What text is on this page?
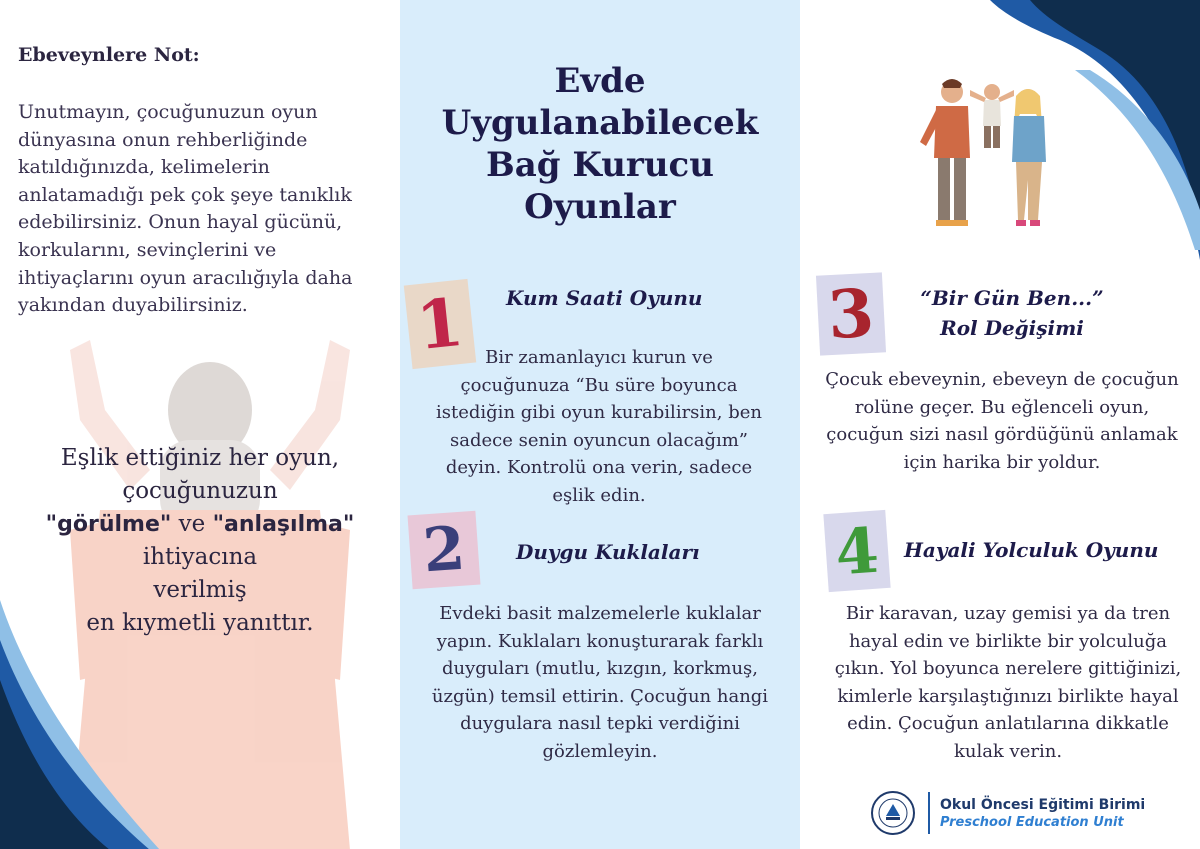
Ebeveynlere Not:

Unutmayın, çocuğunuzun oyun dünyasına onun rehberliğinde katıldığınızda, kelimelerin anlatamadığı pek çok şeye tanıklık edebilirsiniz. Onun hayal gücünü, korkularını, sevinçlerini ve ihtiyaçlarını oyun aracılığıyla daha yakından duyabilirsiniz.

Eşlik ettiğiniz her oyun,
çocuğunuzun
"görülme" ve "anlaşılma"
ihtiyacına
verilmiş
en kıymetli yanıttır.
Evde
Uygulanabilecek
Bağ Kurucu
Oyunlar
1 Kum Saati Oyunu

Bir zamanlayıcı kurun ve çocuğunuza “Bu süre boyunca istediğin gibi oyun kurabilirsin, ben sadece senin oyuncun olacağım” deyin. Kontrolü ona verin, sadece eşlik edin.

2 Duygu Kuklaları

Evdeki basit malzemelerle kuklalar yapın. Kuklaları konuşturarak farklı duyguları (mutlu, kızgın, korkmuş, üzgün) temsil ettirin. Çocuğun hangi duygulara nasıl tepki verdiğini gözlemleyin.

3	“Bir Gün Ben...”
Rol Değişimi

Çocuk ebeveynin, ebeveyn de çocuğun rolüne geçer. Bu eğlenceli oyun, çocuğun sizi nasıl gördüğünü anlamak için harika bir yoldur.

4 Hayali Yolculuk Oyunu

Bir karavan, uzay gemisi ya da tren hayal edin ve birlikte bir yolculuğa çıkın. Yol boyunca nerelere gittiğinizi, kimlerle karşılaştığınızı birlikte hayal edin. Çocuğun anlatılarına dikkatle kulak verin.

Okul Öncesi Eğitimi Birimi
Preschool Education Unit
